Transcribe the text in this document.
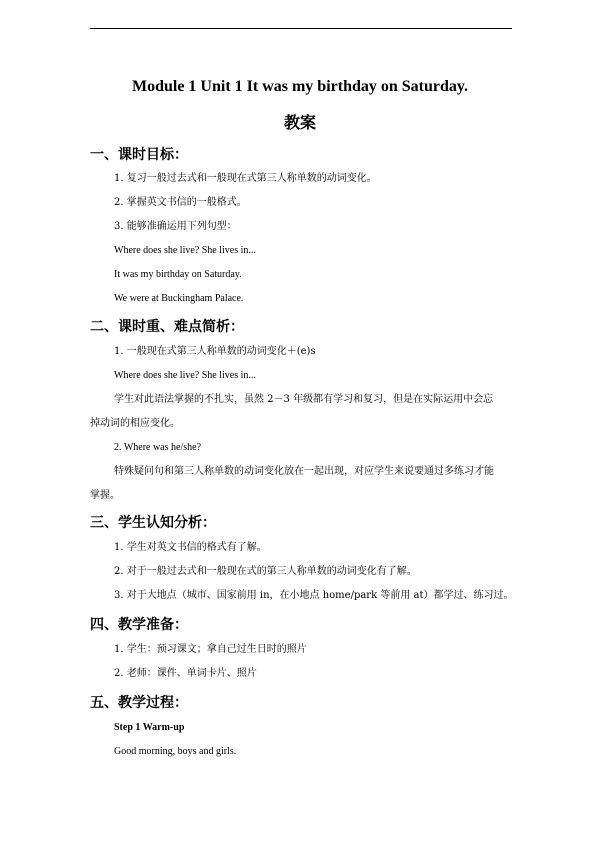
Module 1 Unit 1 It was my birthday on Saturday.
教案
一、课时目标：
1. 复习一般过去式和一般现在式第三人称单数的动词变化。
2. 掌握英文书信的一般格式。
3. 能够准确运用下列句型：
Where does she live? She lives in...
It was my birthday on Saturday.
We were at Buckingham Palace.
二、课时重、难点简析：
1. 一般现在式第三人称单数的动词变化＋(e)s
Where does she live? She lives in...
学生对此语法掌握的不扎实，虽然 2－3 年级都有学习和复习，但是在实际运用中会忘
掉动词的相应变化。
2. Where was he/she?
特殊疑问句和第三人称单数的动词变化放在一起出现，对应学生来说要通过多练习才能
掌握。
三、学生认知分析：
1. 学生对英文书信的格式有了解。
2. 对于一般过去式和一般现在式的第三人称单数的动词变化有了解。
3. 对于大地点（城市、国家前用 in，在小地点 home/park 等前用 at）都学过、练习过。
四、教学准备：
1. 学生：预习课文；拿自己过生日时的照片
2. 老师：课件、单词卡片、照片
五、教学过程：
Step 1 Warm-up
Good morning, boys and girls.
